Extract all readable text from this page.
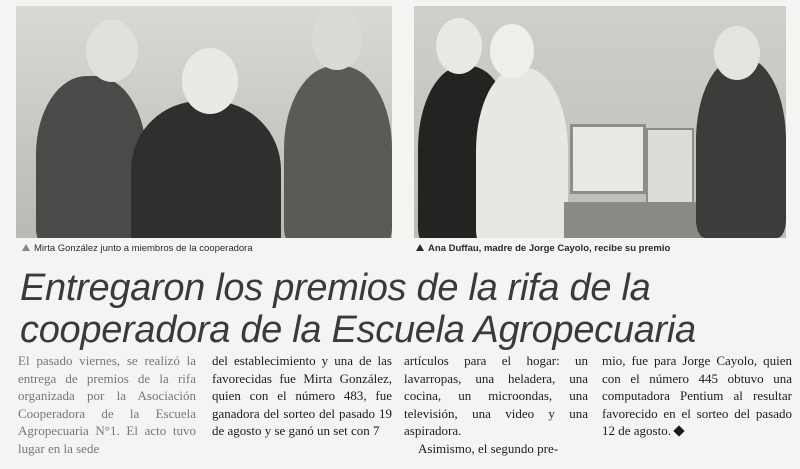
Mirta González junto a miembros de la cooperadora	Ana Duffau, madre de Jorge Cayolo, recibe su premio
Entregaron los premios de la rifa de la
cooperadora de la Escuela Agropecuaria

El pasado viernes, se realizó la entrega de premios de la rifa organizada por la Asociación Cooperadora de la Escuela Agropecuaria N°1. El acto tuvo lugar en la sede

del establecimiento y una de las favorecidas fue Mirta González, quien con el número 483, fue ganadora del sorteo del pasado 19 de agosto y se ganó un set con 7

artículos para el hogar: un lavarropas, una heladera, una cocina, un microondas, una televisión, una video y una aspiradora.

Asimismo, el segundo pre-

mio, fue para Jorge Cayolo, quien con el número 445 obtuvo una computadora Pentium al resultar favorecido en el sorteo del pasado 12 de agosto.
